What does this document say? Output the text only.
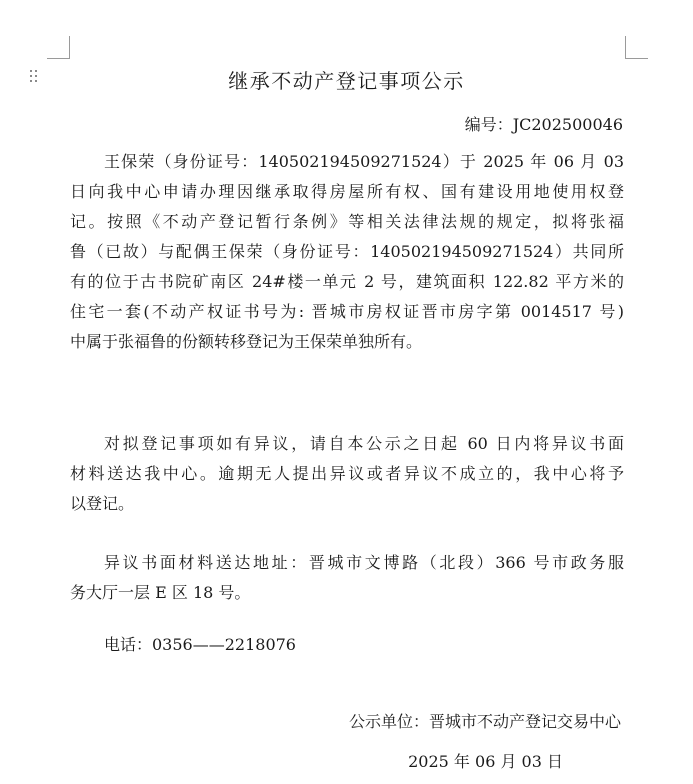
继承不动产登记事项公示
编号：JC202500046
王保荣（身份证号：140502194509271524）于 2025 年 06 月 03
日向我中心申请办理因继承取得房屋所有权、国有建设用地使用权登
记。按照《不动产登记暂行条例》等相关法律法规的规定，拟将张福
鲁（已故）与配偶王保荣（身份证号：140502194509271524）共同所
有的位于古书院矿南区 24#楼一单元 2 号，建筑面积 122.82 平方米的
住宅一套(不动产权证书号为: 晋城市房权证晋市房字第 0014517 号)
中属于张福鲁的份额转移登记为王保荣单独所有。
对拟登记事项如有异议，请自本公示之日起 60 日内将异议书面
材料送达我中心。逾期无人提出异议或者异议不成立的，我中心将予
以登记。
异议书面材料送达地址：晋城市文博路（北段）366 号市政务服
务大厅一层 E 区 18 号。
电话：0356——2218076
公示单位：晋城市不动产登记交易中心
2025 年 06 月 03 日
